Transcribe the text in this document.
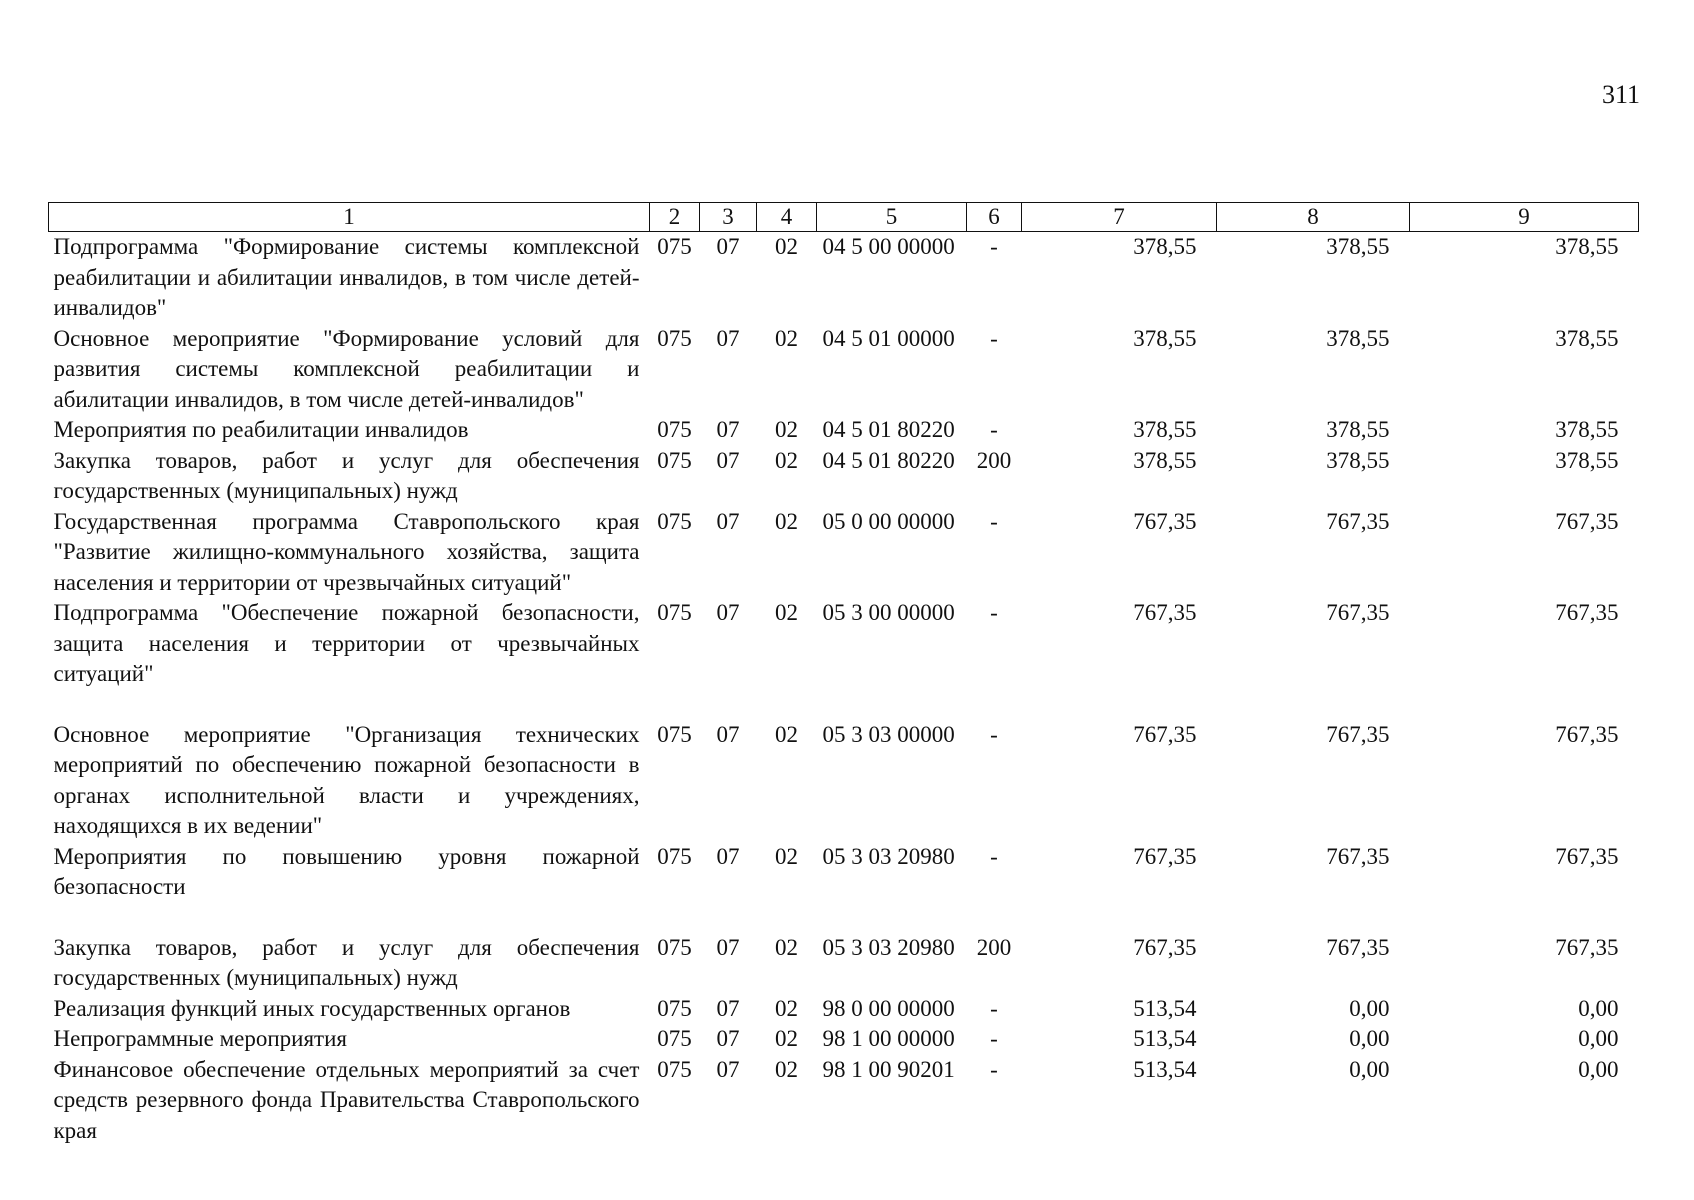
311
1	2	3	4	5	6	7	8	9
Подпрограмма "Формирование системы комплексной реабилитации и абилитации инвалидов, в том числе детей-инвалидов"	075	07	02	04 5 00 00000	-	378,55	378,55	378,55
Основное мероприятие "Формирование условий для развития системы комплексной реабилитации и абилитации инвалидов, в том числе детей-инвалидов"	075	07	02	04 5 01 00000	-	378,55	378,55	378,55
Мероприятия по реабилитации инвалидов	075	07	02	04 5 01 80220	-	378,55	378,55	378,55
Закупка товаров, работ и услуг для обеспечения государственных (муниципальных) нужд	075	07	02	04 5 01 80220	200	378,55	378,55	378,55
Государственная программа Ставропольского края "Развитие жилищно-коммунального хозяйства, защита населения и территории от чрезвычайных ситуаций"	075	07	02	05 0 00 00000	-	767,35	767,35	767,35
Подпрограмма "Обеспечение пожарной безопасности, защита населения и территории от чрезвычайных ситуаций"	075	07	02	05 3 00 00000	-	767,35	767,35	767,35
Основное мероприятие "Организация технических мероприятий по обеспечению пожарной безопасности в органах исполнительной власти и учреждениях, находящихся в их ведении"	075	07	02	05 3 03 00000	-	767,35	767,35	767,35
Мероприятия по повышению уровня пожарной безопасности	075	07	02	05 3 03 20980	-	767,35	767,35	767,35
Закупка товаров, работ и услуг для обеспечения государственных (муниципальных) нужд	075	07	02	05 3 03 20980	200	767,35	767,35	767,35
Реализация функций иных государственных органов	075	07	02	98 0 00 00000	-	513,54	0,00	0,00
Непрограммные мероприятия	075	07	02	98 1 00 00000	-	513,54	0,00	0,00
Финансовое обеспечение отдельных мероприятий за счет средств резервного фонда Правительства Ставропольского края	075	07	02	98 1 00 90201	-	513,54	0,00	0,00
